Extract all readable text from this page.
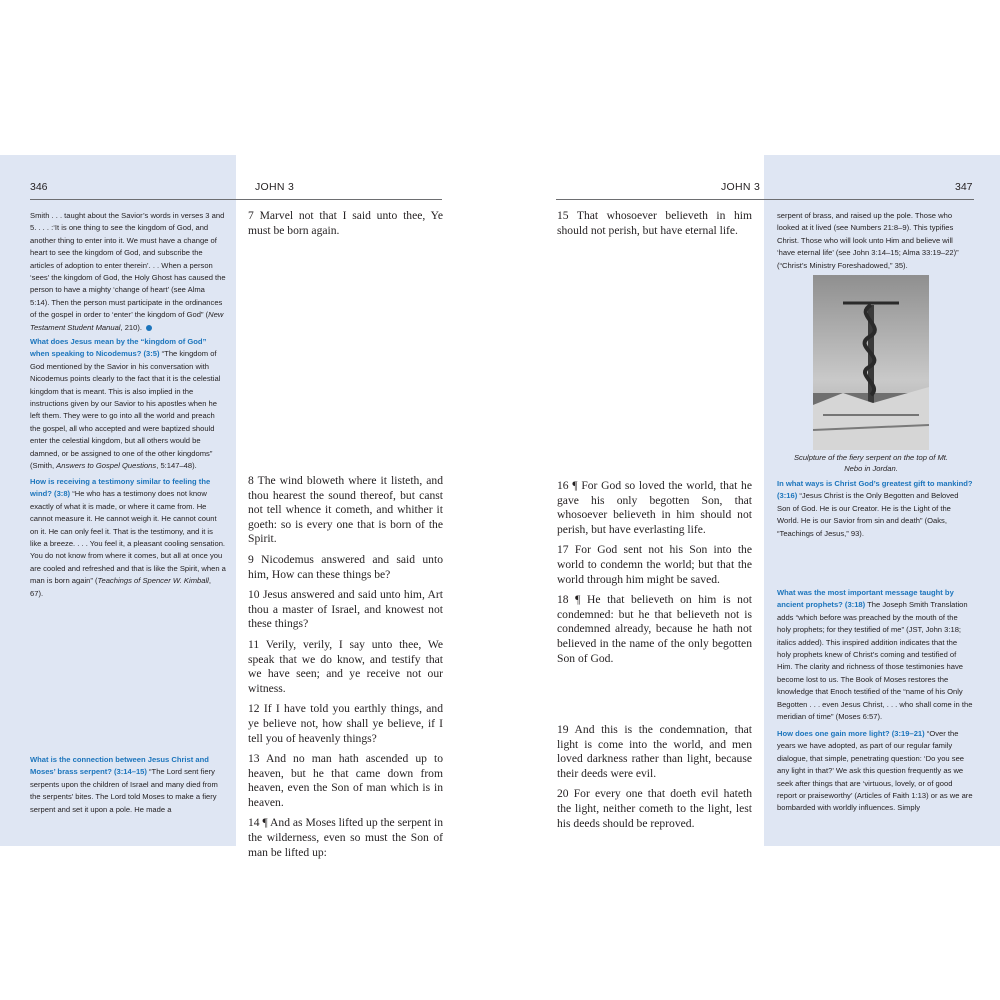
346	JOHN 3	JOHN 3	347

Smith . . . taught about the Savior’s words in verses 3 and 5. . . . :‘It is one thing to see the kingdom of God, and another thing to enter into it. We must have a change of heart to see the kingdom of God, and subscribe the articles of adoption to enter therein’. . . When a person ‘sees’ the kingdom of God, the Holy Ghost has caused the person to have a mighty ‘change of heart’ (see Alma 5:14). Then the person must participate in the ordinances of the gospel in order to ‘enter’ the kingdom of God” (New Testament Student Manual, 210).

What does Jesus mean by the “kingdom of God” when speaking to Nicodemus? (3:5) “The kingdom of God mentioned by the Savior in his conversation with Nicodemus points clearly to the fact that it is the celestial kingdom that is meant. This is also implied in the instructions given by our Savior to his apostles when he left them. They were to go into all the world and preach the gospel, all who accepted and were baptized should enter the celestial kingdom, but all others would be damned, or be assigned to one of the other kingdoms” (Smith, Answers to Gospel Questions, 5:147–48).

How is receiving a testimony similar to feeling the wind? (3:8) “He who has a testimony does not know exactly of what it is made, or where it came from. He cannot measure it. He cannot weigh it. He cannot count on it. He can only feel it. That is the testimony, and it is like a breeze. . . . You feel it, a pleasant cooling sensation. You do not know from where it comes, but all at once you are cooled and refreshed and that is like the Spirit, when a man is born again” (Teachings of Spencer W. Kimball, 67).

What is the connection between Jesus Christ and Moses’ brass serpent? (3:14–15) “The Lord sent fiery serpents upon the children of Israel and many died from the serpents’ bites. The Lord told Moses to make a fiery serpent and set it upon a pole. He made a

7 Marvel not that I said unto thee, Ye must be born again.

8 The wind bloweth where it listeth, and thou hearest the sound thereof, but canst not tell whence it cometh, and whither it goeth: so is every one that is born of the Spirit.

9 Nicodemus answered and said unto him, How can these things be?

10 Jesus answered and said unto him, Art thou a master of Israel, and knowest not these things?

11 Verily, verily, I say unto thee, We speak that we do know, and testify that we have seen; and ye receive not our witness.

12 If I have told you earthly things, and ye believe not, how shall ye believe, if I tell you of heavenly things?

13 And no man hath ascended up to heaven, but he that came down from heaven, even the Son of man which is in heaven.

14 ¶ And as Moses lifted up the serpent in the wilderness, even so must the Son of man be lifted up:

15 That whosoever believeth in him should not perish, but have eternal life.

16 ¶ For God so loved the world, that he gave his only begotten Son, that whosoever believeth in him should not perish, but have everlasting life.

17 For God sent not his Son into the world to condemn the world; but that the world through him might be saved.

18 ¶ He that believeth on him is not condemned: but he that believeth not is condemned already, because he hath not believed in the name of the only begotten Son of God.

19 And this is the condemnation, that light is come into the world, and men loved darkness rather than light, because their deeds were evil.

20 For every one that doeth evil hateth the light, neither cometh to the light, lest his deeds should be reproved.

serpent of brass, and raised up the pole. Those who looked at it lived (see Numbers 21:8–9). This typifies Christ. Those who will look unto Him and believe will ‘have eternal life’ (see John 3:14–15; Alma 33:19–22)” (“Christ’s Ministry Foreshadowed,” 35).

Sculpture of the fiery serpent on the top of Mt. Nebo in Jordan.

In what ways is Christ God’s greatest gift to mankind? (3:16) “Jesus Christ is the Only Begotten and Beloved Son of God. He is our Creator. He is the Light of the World. He is our Savior from sin and death” (Oaks, “Teachings of Jesus,” 93).

What was the most important message taught by ancient prophets? (3:18) The Joseph Smith Translation adds “which before was preached by the mouth of the holy prophets; for they testified of me” (JST, John 3:18; italics added). This inspired addition indicates that the holy prophets knew of Christ’s coming and testified of Him. The clarity and richness of those testimonies have become lost to us. The Book of Moses restores the knowledge that Enoch testified of the “name of his Only Begotten . . . even Jesus Christ, . . . who shall come in the meridian of time” (Moses 6:57).

How does one gain more light? (3:19–21) “Over the years we have adopted, as part of our regular family dialogue, that simple, penetrating question: ‘Do you see any light in that?’ We ask this question frequently as we seek after things that are ‘virtuous, lovely, or of good report or praiseworthy’ (Articles of Faith 1:13) or as we are bombarded with worldly influences. Simply
